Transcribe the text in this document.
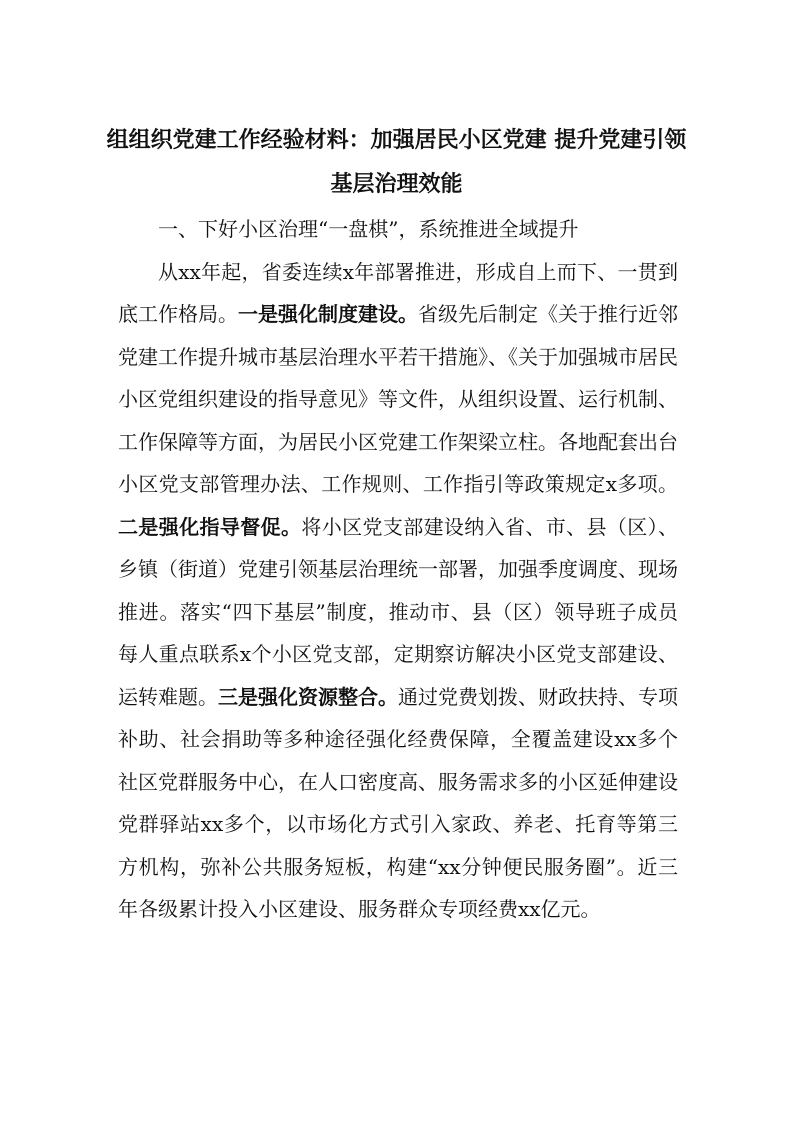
组组织党建工作经验材料：加强居民小区党建 提升党建引领基层治理效能

一、下好小区治理“一盘棋”，系统推进全域提升

从xx年起，省委连续x年部署推进，形成自上而下、一贯到底工作格局。一是强化制度建设。省级先后制定《关于推行近邻党建工作提升城市基层治理水平若干措施》、《关于加强城市居民小区党组织建设的指导意见》等文件，从组织设置、运行机制、工作保障等方面，为居民小区党建工作架梁立柱。各地配套出台小区党支部管理办法、工作规则、工作指引等政策规定x多项。二是强化指导督促。将小区党支部建设纳入省、市、县（区）、乡镇（街道）党建引领基层治理统一部署，加强季度调度、现场推进。落实“四下基层”制度，推动市、县（区）领导班子成员每人重点联系x个小区党支部，定期察访解决小区党支部建设、运转难题。三是强化资源整合。通过党费划拨、财政扶持、专项补助、社会捐助等多种途径强化经费保障，全覆盖建设xx多个社区党群服务中心，在人口密度高、服务需求多的小区延伸建设党群驿站xx多个，以市场化方式引入家政、养老、托育等第三方机构，弥补公共服务短板，构建“xx分钟便民服务圈”。近三年各级累计投入小区建设、服务群众专项经费xx亿元。
